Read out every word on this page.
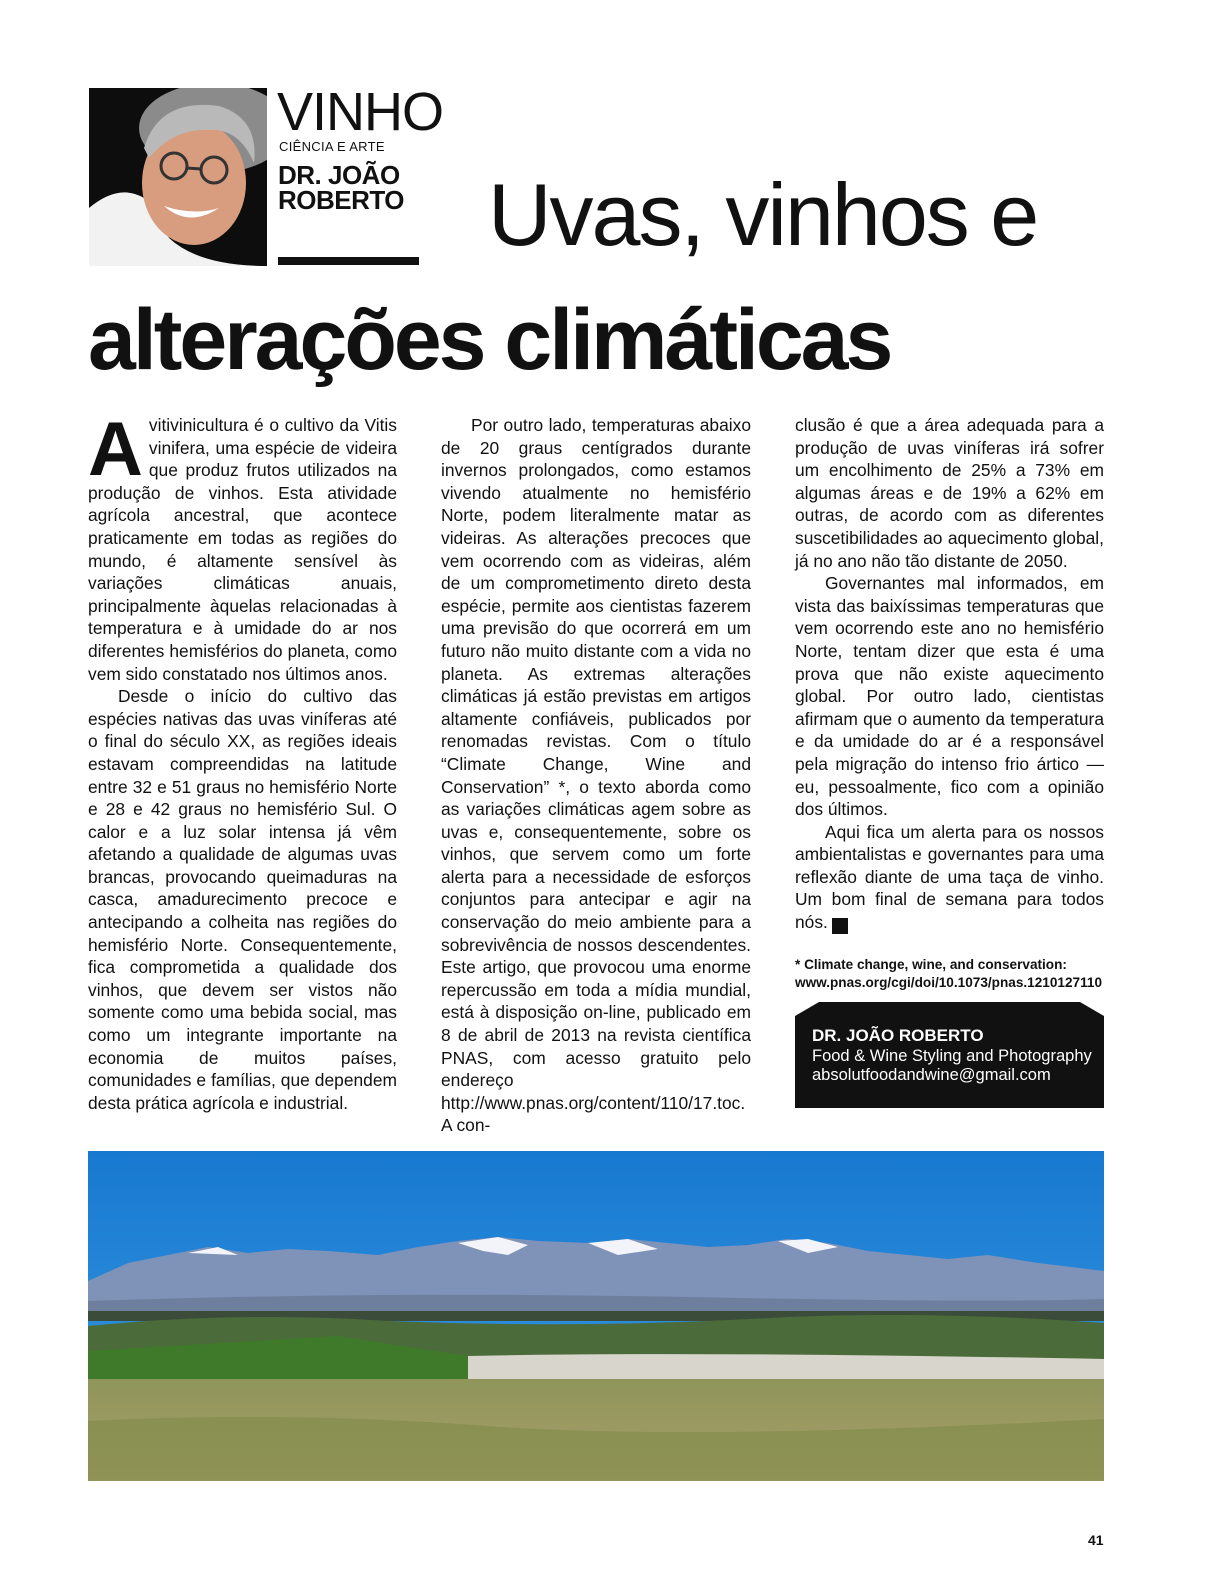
VINHO
CIÊNCIA E ARTE
DR. JOÃO
ROBERTO Uvas, vinhos e
alterações climáticas

Avitivinicultura é o cultivo da Vitis vinifera, uma espécie de videira que produz frutos utilizados na produção de vinhos. Esta atividade agrícola ancestral, que acontece praticamente em todas as regiões do mundo, é altamente sensível às variações climáticas anuais, principalmente àquelas relacionadas à temperatura e à umidade do ar nos diferentes hemisférios do planeta, como vem sido constatado nos últimos anos.

Desde o início do cultivo das espécies nativas das uvas viníferas até o final do século XX, as regiões ideais estavam compreendidas na latitude entre 32 e 51 graus no hemisfério Norte e 28 e 42 graus no hemisfério Sul. O calor e a luz solar intensa já vêm afetando a qualidade de algumas uvas brancas, provocando queimaduras na casca, amadurecimento precoce e antecipando a colheita nas regiões do hemisfério Norte. Consequentemente, fica comprometida a qualidade dos vinhos, que devem ser vistos não somente como uma bebida social, mas como um integrante importante na economia de muitos países, comunidades e famílias, que dependem desta prática agrícola e industrial.

Por outro lado, temperaturas abaixo de 20 graus centígrados durante invernos prolongados, como estamos vivendo atualmente no hemisfério Norte, podem literalmente matar as videiras. As alterações precoces que vem ocorrendo com as videiras, além de um comprometimento direto desta espécie, permite aos cientistas fazerem uma previsão do que ocorrerá em um futuro não muito distante com a vida no planeta. As extremas alterações climáticas já estão previstas em artigos altamente confiáveis, publicados por renomadas revistas. Com o título “Climate Change, Wine and Conservation” *, o texto aborda como as variações climáticas agem sobre as uvas e, consequentemente, sobre os vinhos, que servem como um forte alerta para a necessidade de esforços conjuntos para antecipar e agir na conservação do meio ambiente para a sobrevivência de nossos descendentes. Este artigo, que provocou uma enorme repercussão em toda a mídia mundial, está à disposição on-line, publicado em 8 de abril de 2013 na revista científica PNAS, com acesso gratuito pelo endereço http://www.pnas.org/content/110/17.toc. A con-

clusão é que a área adequada para a produção de uvas viníferas irá sofrer um encolhimento de 25% a 73% em algumas áreas e de 19% a 62% em outras, de acordo com as diferentes suscetibilidades ao aquecimento global, já no ano não tão distante de 2050.

Governantes mal informados, em vista das baixíssimas temperaturas que vem ocorrendo este ano no hemisfério Norte, tentam dizer que esta é uma prova que não existe aquecimento global. Por outro lado, cientistas afirmam que o aumento da temperatura e da umidade do ar é a responsável pela migração do intenso frio ártico — eu, pessoalmente, fico com a opinião dos últimos.

Aqui fica um alerta para os nossos ambientalistas e governantes para uma reflexão diante de uma taça de vinho. Um bom final de semana para todos nós.	r

* Climate change, wine, and conservation:
www.pnas.org/cgi/doi/10.1073/pnas.1210127110
DR. JOÃO ROBERTO
Food & Wine Styling and Photography
absolutfoodandwine@gmail.com
41
